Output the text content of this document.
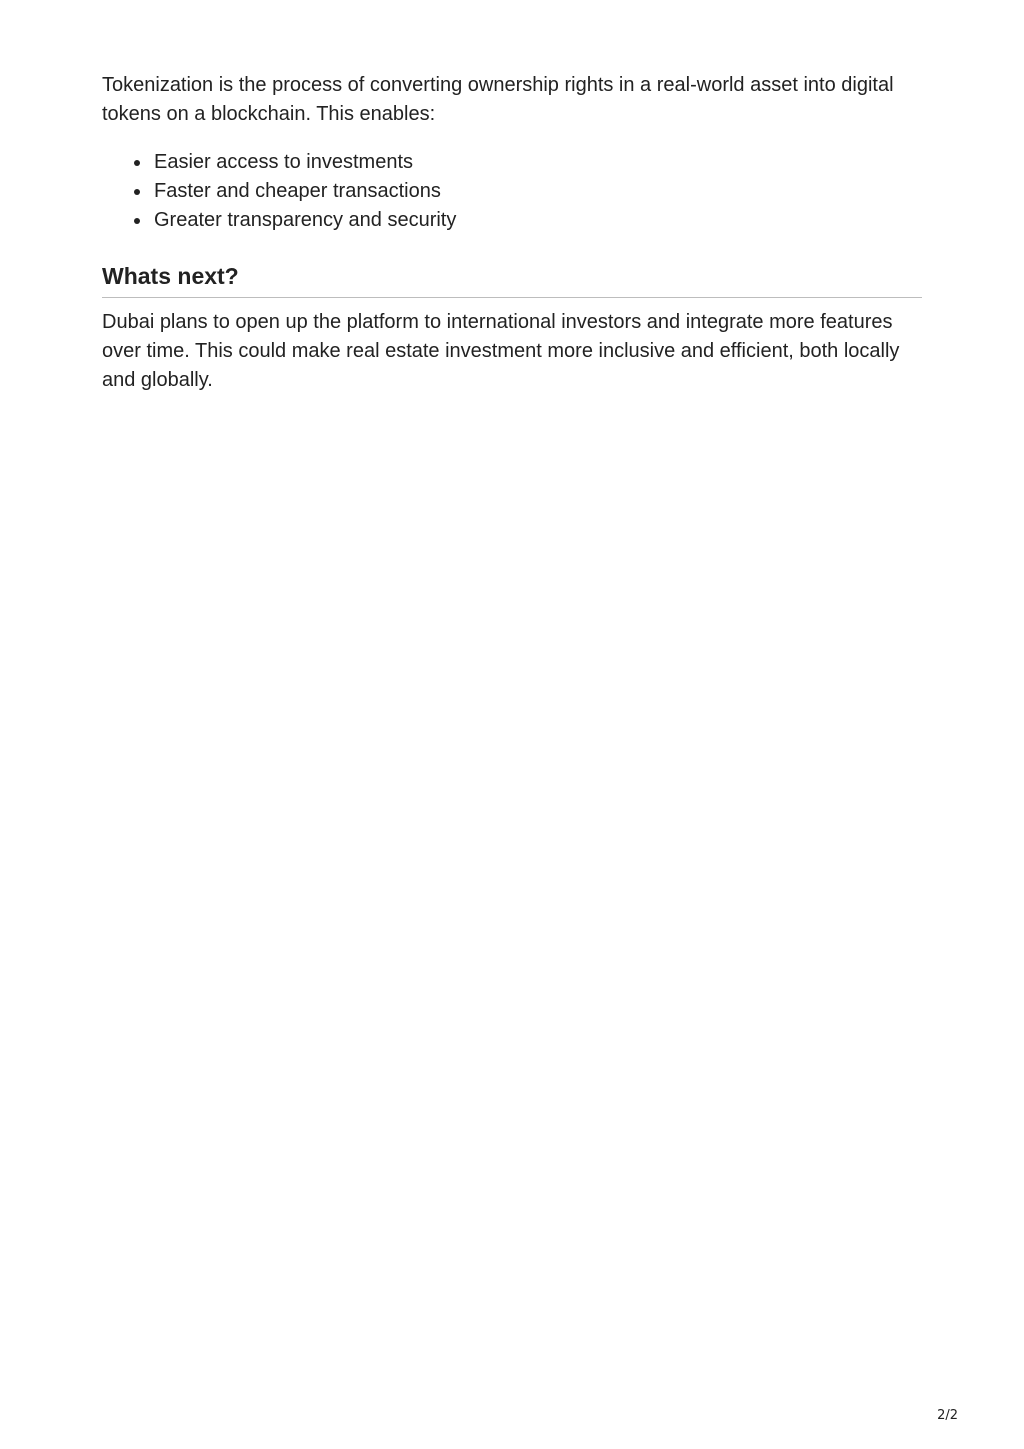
Tokenization is the process of converting ownership rights in a real-world asset into digital tokens on a blockchain. This enables:

Easier access to investments
Faster and cheaper transactions
Greater transparency and security
Whats next?

Dubai plans to open up the platform to international investors and integrate more features over time. This could make real estate investment more inclusive and efficient, both locally and globally.

2/2
